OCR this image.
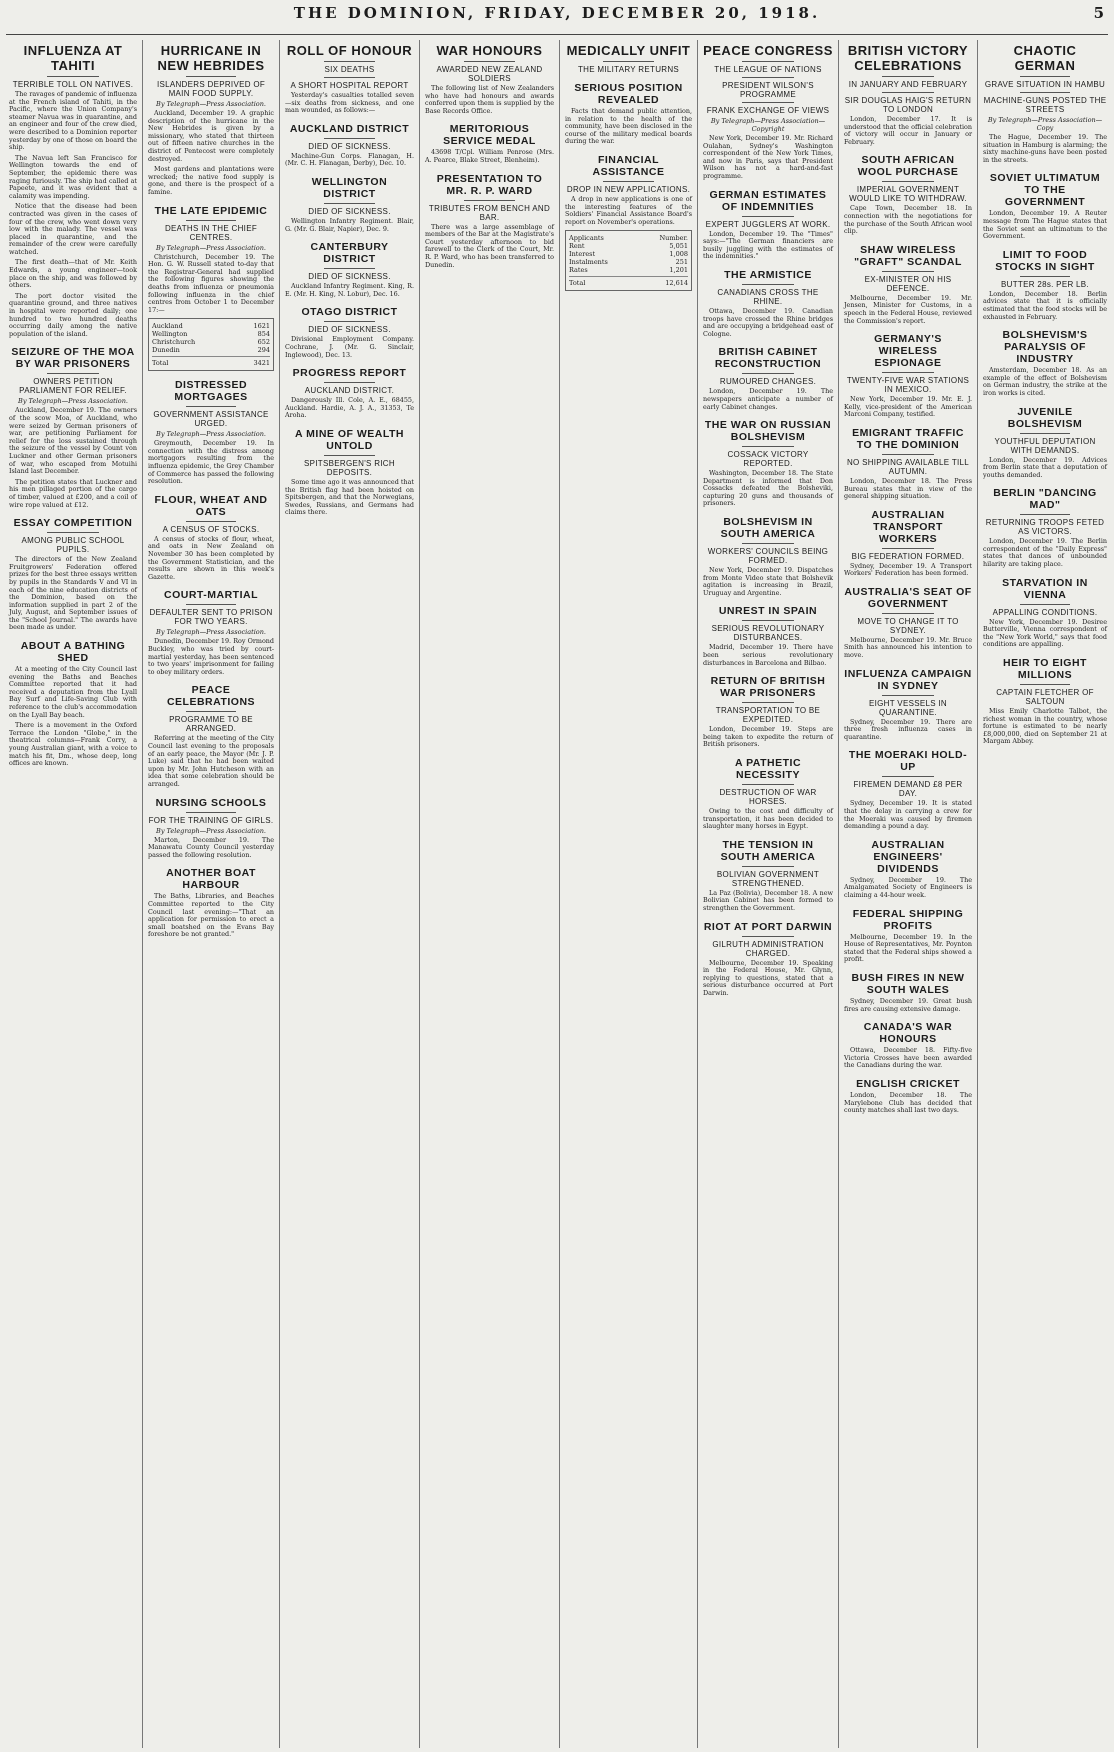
THE DOMINION, FRIDAY, DECEMBER 20, 1918.	5
INFLUENZA AT TAHITI
TERRIBLE TOLL ON NATIVES.

The ravages of pandemic of influenza at the French island of Tahiti, in the Pacific, where the Union Company's steamer Navua was in quarantine, and an engineer and four of the crew died, were described to a Dominion reporter yesterday by one of those on board the ship.

The Navua left San Francisco for Wellington towards the end of September, the epidemic there was raging furiously. The ship had called at Papeete, and it was evident that a calamity was impending.

Notice that the disease had been contracted was given in the cases of four of the crew, who went down very low with the malady. The vessel was placed in quarantine, and the remainder of the crew were carefully watched.

The first death—that of Mr. Keith Edwards, a young engineer—took place on the ship, and was followed by others.

The port doctor visited the quarantine ground, and three natives in hospital were reported daily; one hundred to two hundred deaths occurring daily among the native population of the island.

SEIZURE OF THE MOA BY WAR PRISONERS
OWNERS PETITION PARLIAMENT FOR RELIEF.
By Telegraph—Press Association.

Auckland, December 19. The owners of the scow Moa, of Auckland, who were seized by German prisoners of war, are petitioning Parliament for relief for the loss sustained through the seizure of the vessel by Count von Luckner and other German prisoners of war, who escaped from Motuihi Island last December.

The petition states that Luckner and his men pillaged portion of the cargo of timber, valued at £200, and a coil of wire rope valued at £12.

ESSAY COMPETITION
AMONG PUBLIC SCHOOL PUPILS.

The directors of the New Zealand Fruitgrowers' Federation offered prizes for the best three essays written by pupils in the Standards V and VI in each of the nine education districts of the Dominion, based on the information supplied in part 2 of the July, August, and September issues of the "School Journal." The awards have been made as under.

ABOUT A BATHING SHED

At a meeting of the City Council last evening the Baths and Beaches Committee reported that it had received a deputation from the Lyall Bay Surf and Life-Saving Club with reference to the club's accommodation on the Lyall Bay beach.

There is a movement in the Oxford Terrace the London "Globe," in the theatrical columns—Frank Corry, a young Australian giant, with a voice to match his fit, Dm., whose deep, long offices are known.

HURRICANE IN NEW HEBRIDES
ISLANDERS DEPRIVED OF MAIN FOOD SUPPLY.
By Telegraph—Press Association.

Auckland, December 19. A graphic description of the hurricane in the New Hebrides is given by a missionary, who stated that thirteen out of fifteen native churches in the district of Pentecost were completely destroyed.

Most gardens and plantations were wrecked; the native food supply is gone, and there is the prospect of a famine.

THE LATE EPIDEMIC
DEATHS IN THE CHIEF CENTRES.
By Telegraph—Press Association.

Christchurch, December 19. The Hon. G. W. Russell stated to-day that the Registrar-General had supplied the following figures showing the deaths from influenza or pneumonia following influenza in the chief centres from October 1 to December 17:—

Auckland	1621
Wellington	854
Christchurch	652
Dunedin	294
Total	3421
DISTRESSED MORTGAGES
GOVERNMENT ASSISTANCE URGED.
By Telegraph—Press Association.

Greymouth, December 19. In connection with the distress among mortgagors resulting from the influenza epidemic, the Grey Chamber of Commerce has passed the following resolution.

FLOUR, WHEAT AND OATS
A CENSUS OF STOCKS.

A census of stocks of flour, wheat, and oats in New Zealand on November 30 has been completed by the Government Statistician, and the results are shown in this week's Gazette.

COURT-MARTIAL
DEFAULTER SENT TO PRISON FOR TWO YEARS.
By Telegraph—Press Association.

Dunedin, December 19. Roy Ormond Buckley, who was tried by court-martial yesterday, has been sentenced to two years' imprisonment for failing to obey military orders.

PEACE CELEBRATIONS
PROGRAMME TO BE ARRANGED.

Referring at the meeting of the City Council last evening to the proposals of an early peace, the Mayor (Mr. J. P. Luke) said that he had been waited upon by Mr. John Hutcheson with an idea that some celebration should be arranged.

NURSING SCHOOLS
FOR THE TRAINING OF GIRLS.
By Telegraph—Press Association.

Marton, December 19. The Manawatu County Council yesterday passed the following resolution.

ANOTHER BOAT HARBOUR

The Baths, Libraries, and Beaches Committee reported to the City Council last evening:—"That an application for permission to erect a small boatshed on the Evans Bay foreshore be not granted."

ROLL OF HONOUR
SIX DEATHS
A SHORT HOSPITAL REPORT

Yesterday's casualties totalled seven—six deaths from sickness, and one man wounded, as follows:—

AUCKLAND DISTRICT
DIED OF SICKNESS.

Machine-Gun Corps. Flanagan, H. (Mr. C. H. Flanagan, Derby), Dec. 10.

WELLINGTON DISTRICT
DIED OF SICKNESS.

Wellington Infantry Regiment. Blair, G. (Mr. G. Blair, Napier), Dec. 9.

CANTERBURY DISTRICT
DIED OF SICKNESS.

Auckland Infantry Regiment. King, R. E. (Mr. H. King, N. Lobur), Dec. 16.

OTAGO DISTRICT
DIED OF SICKNESS.

Divisional Employment Company. Cochrane, J. (Mr. G. Sinclair, Inglewood), Dec. 13.

PROGRESS REPORT
AUCKLAND DISTRICT.

Dangerously Ill. Cole, A. E., 68455, Auckland. Hardie, A. J. A., 31353, Te Aroha.

A MINE OF WEALTH UNTOLD
SPITSBERGEN'S RICH DEPOSITS.

Some time ago it was announced that the British flag had been hoisted on Spitsbergen, and that the Norwegians, Swedes, Russians, and Germans had claims there.

WAR HONOURS
AWARDED NEW ZEALAND SOLDIERS

The following list of New Zealanders who have had honours and awards conferred upon them is supplied by the Base Records Office.

MERITORIOUS SERVICE MEDAL

43698 T/Cpl. William Penrose (Mrs. A. Pearce, Blake Street, Blenheim).

PRESENTATION TO MR. R. P. WARD
TRIBUTES FROM BENCH AND BAR.

There was a large assemblage of members of the Bar at the Magistrate's Court yesterday afternoon to bid farewell to the Clerk of the Court, Mr. R. P. Ward, who has been transferred to Dunedin.

MEDICALLY UNFIT
THE MILITARY RETURNS
SERIOUS POSITION REVEALED

Facts that demand public attention, in relation to the health of the community, have been disclosed in the course of the military medical boards during the war.

FINANCIAL ASSISTANCE
DROP IN NEW APPLICATIONS.

A drop in new applications is one of the interesting features of the Soldiers' Financial Assistance Board's report on November's operations.

Applicants	Number.
Rent	5,051
Interest	1,008
Instalments	251
Rates	1,201
Total	12,614
PEACE CONGRESS
THE LEAGUE OF NATIONS
PRESIDENT WILSON'S PROGRAMME
FRANK EXCHANGE OF VIEWS
By Telegraph—Press Association—Copyright

New York, December 19. Mr. Richard Oulahan, Sydney's Washington correspondent of the New York Times, and now in Paris, says that President Wilson has not a hard-and-fast programme.

GERMAN ESTIMATES OF INDEMNITIES
EXPERT JUGGLERS AT WORK.

London, December 19. The "Times" says:—"The German financiers are busily juggling with the estimates of the indemnities."

THE ARMISTICE
CANADIANS CROSS THE RHINE.

Ottawa, December 19. Canadian troops have crossed the Rhine bridges and are occupying a bridgehead east of Cologne.

BRITISH CABINET RECONSTRUCTION
RUMOURED CHANGES.

London, December 19. The newspapers anticipate a number of early Cabinet changes.

THE WAR ON RUSSIAN BOLSHEVISM
COSSACK VICTORY REPORTED.

Washington, December 18. The State Department is informed that Don Cossacks defeated the Bolsheviki, capturing 20 guns and thousands of prisoners.

BOLSHEVISM IN SOUTH AMERICA
WORKERS' COUNCILS BEING FORMED.

New York, December 19. Dispatches from Monte Video state that Bolshevik agitation is increasing in Brazil, Uruguay and Argentine.

UNREST IN SPAIN
SERIOUS REVOLUTIONARY DISTURBANCES.

Madrid, December 19. There have been serious revolutionary disturbances in Barcelona and Bilbao.

RETURN OF BRITISH WAR PRISONERS
TRANSPORTATION TO BE EXPEDITED.

London, December 19. Steps are being taken to expedite the return of British prisoners.

A PATHETIC NECESSITY
DESTRUCTION OF WAR HORSES.

Owing to the cost and difficulty of transportation, it has been decided to slaughter many horses in Egypt.

THE TENSION IN SOUTH AMERICA
BOLIVIAN GOVERNMENT STRENGTHENED.

La Paz (Bolivia), December 18. A new Bolivian Cabinet has been formed to strengthen the Government.

RIOT AT PORT DARWIN
GILRUTH ADMINISTRATION CHARGED.

Melbourne, December 19. Speaking in the Federal House, Mr. Glynn, replying to questions, stated that a serious disturbance occurred at Port Darwin.

BRITISH VICTORY CELEBRATIONS
IN JANUARY AND FEBRUARY
SIR DOUGLAS HAIG'S RETURN TO LONDON

London, December 17. It is understood that the official celebration of victory will occur in January or February.

SOUTH AFRICAN WOOL PURCHASE
IMPERIAL GOVERNMENT WOULD LIKE TO WITHDRAW.

Cape Town, December 18. In connection with the negotiations for the purchase of the South African wool clip.

SHAW WIRELESS "GRAFT" SCANDAL
EX-MINISTER ON HIS DEFENCE.

Melbourne, December 19. Mr. Jensen, Minister for Customs, in a speech in the Federal House, reviewed the Commission's report.

GERMANY'S WIRELESS ESPIONAGE
TWENTY-FIVE WAR STATIONS IN MEXICO.

New York, December 19. Mr. E. J. Kelly, vice-president of the American Marconi Company, testified.

EMIGRANT TRAFFIC TO THE DOMINION
NO SHIPPING AVAILABLE TILL AUTUMN.

London, December 18. The Press Bureau states that in view of the general shipping situation.

AUSTRALIAN TRANSPORT WORKERS
BIG FEDERATION FORMED.

Sydney, December 19. A Transport Workers' Federation has been formed.

AUSTRALIA'S SEAT OF GOVERNMENT
MOVE TO CHANGE IT TO SYDNEY.

Melbourne, December 19. Mr. Bruce Smith has announced his intention to move.

INFLUENZA CAMPAIGN IN SYDNEY
EIGHT VESSELS IN QUARANTINE.

Sydney, December 19. There are three fresh influenza cases in quarantine.

THE MOERAKI HOLD-UP
FIREMEN DEMAND £8 PER DAY.

Sydney, December 19. It is stated that the delay in carrying a crew for the Moeraki was caused by firemen demanding a pound a day.

AUSTRALIAN ENGINEERS' DIVIDENDS

Sydney, December 19. The Amalgamated Society of Engineers is claiming a 44-hour week.

FEDERAL SHIPPING PROFITS

Melbourne, December 19. In the House of Representatives, Mr. Poynton stated that the Federal ships showed a profit.

BUSH FIRES IN NEW SOUTH WALES

Sydney, December 19. Great bush fires are causing extensive damage.

CANADA'S WAR HONOURS

Ottawa, December 18. Fifty-five Victoria Crosses have been awarded the Canadians during the war.

ENGLISH CRICKET

London, December 18. The Marylebone Club has decided that county matches shall last two days.

CHAOTIC GERMAN
GRAVE SITUATION IN HAMBU
MACHINE-GUNS POSTED THE STREETS
By Telegraph—Press Association—Copy

The Hague, December 19. The situation in Hamburg is alarming; the sixty machine-guns have been posted in the streets.

SOVIET ULTIMATUM TO THE GOVERNMENT

London, December 19. A Reuter message from The Hague states that the Soviet sent an ultimatum to the Government.

LIMIT TO FOOD STOCKS IN SIGHT
BUTTER 28s. PER LB.

London, December 18. Berlin advices state that it is officially estimated that the food stocks will be exhausted in February.

BOLSHEVISM'S PARALYSIS OF INDUSTRY

Amsterdam, December 18. As an example of the effect of Bolshevism on German industry, the strike at the iron works is cited.

JUVENILE BOLSHEVISM
YOUTHFUL DEPUTATION WITH DEMANDS.

London, December 19. Advices from Berlin state that a deputation of youths demanded.

BERLIN "DANCING MAD"
RETURNING TROOPS FETED AS VICTORS.

London, December 19. The Berlin correspondent of the "Daily Express" states that dances of unbounded hilarity are taking place.

STARVATION IN VIENNA
APPALLING CONDITIONS.

New York, December 19. Desiree Butterville, Vienna correspondent of the "New York World," says that food conditions are appalling.

HEIR TO EIGHT MILLIONS
CAPTAIN FLETCHER OF SALTOUN

Miss Emily Charlotte Talbot, the richest woman in the country, whose fortune is estimated to be nearly £8,000,000, died on September 21 at Margam Abbey.
